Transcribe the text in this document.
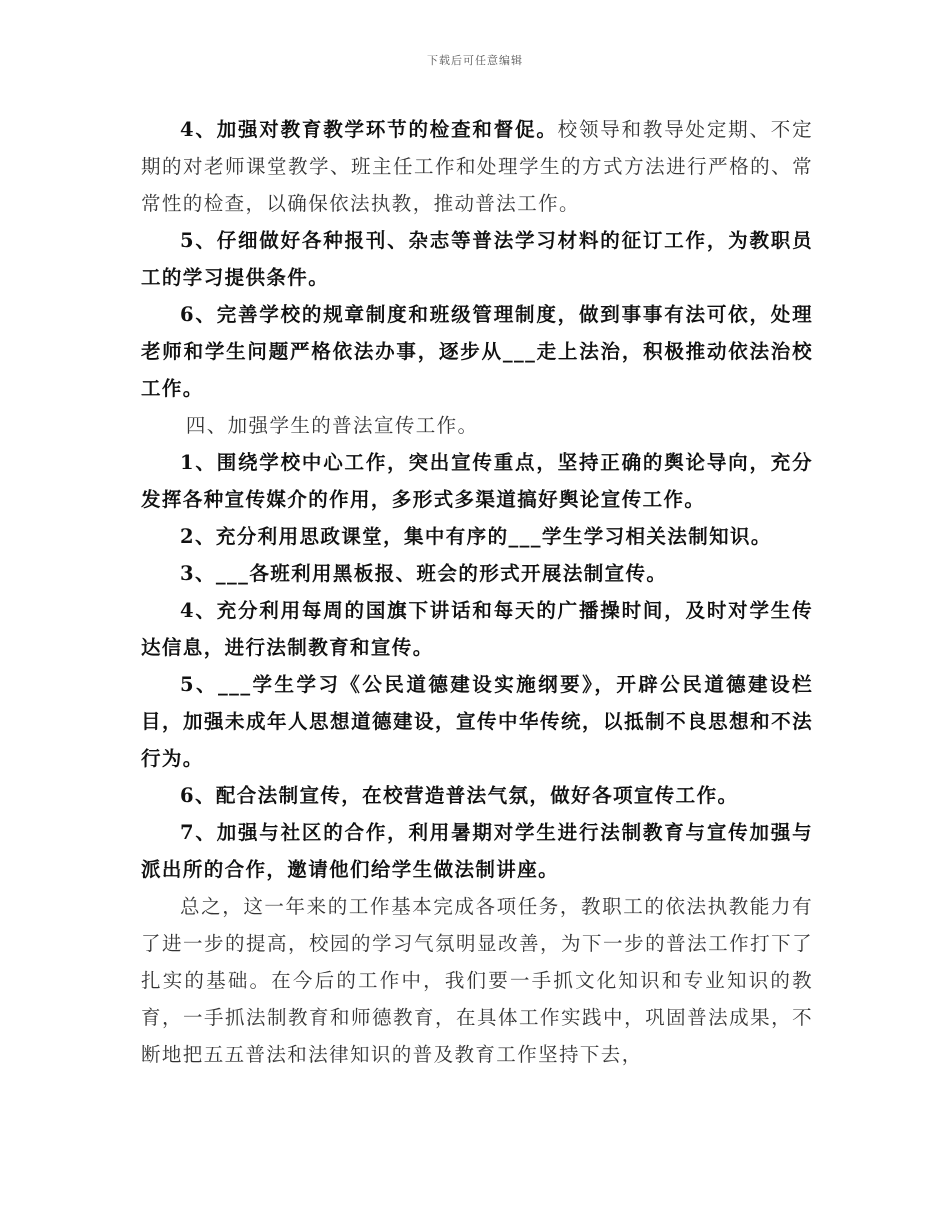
下载后可任意编辑

4、加强对教育教学环节的检查和督促。校领导和教导处定期、不定期的对老师课堂教学、班主任工作和处理学生的方式方法进行严格的、常常性的检查，以确保依法执教，推动普法工作。

5、仔细做好各种报刊、杂志等普法学习材料的征订工作，为教职员工的学习提供条件。

6、完善学校的规章制度和班级管理制度，做到事事有法可依，处理老师和学生问题严格依法办事，逐步从___走上法治，积极推动依法治校工作。

四、加强学生的普法宣传工作。

1、围绕学校中心工作，突出宣传重点，坚持正确的舆论导向，充分发挥各种宣传媒介的作用，多形式多渠道搞好舆论宣传工作。

2、充分利用思政课堂，集中有序的___学生学习相关法制知识。

3、___各班利用黑板报、班会的形式开展法制宣传。

4、充分利用每周的国旗下讲话和每天的广播操时间，及时对学生传达信息，进行法制教育和宣传。

5、___学生学习《公民道德建设实施纲要》，开辟公民道德建设栏目，加强未成年人思想道德建设，宣传中华传统，以抵制不良思想和不法行为。

6、配合法制宣传，在校营造普法气氛，做好各项宣传工作。

7、加强与社区的合作，利用暑期对学生进行法制教育与宣传加强与派出所的合作，邀请他们给学生做法制讲座。

总之，这一年来的工作基本完成各项任务，教职工的依法执教能力有了进一步的提高，校园的学习气氛明显改善，为下一步的普法工作打下了扎实的基础。在今后的工作中，我们要一手抓文化知识和专业知识的教育，一手抓法制教育和师德教育，在具体工作实践中，巩固普法成果，不断地把五五普法和法律知识的普及教育工作坚持下去，
